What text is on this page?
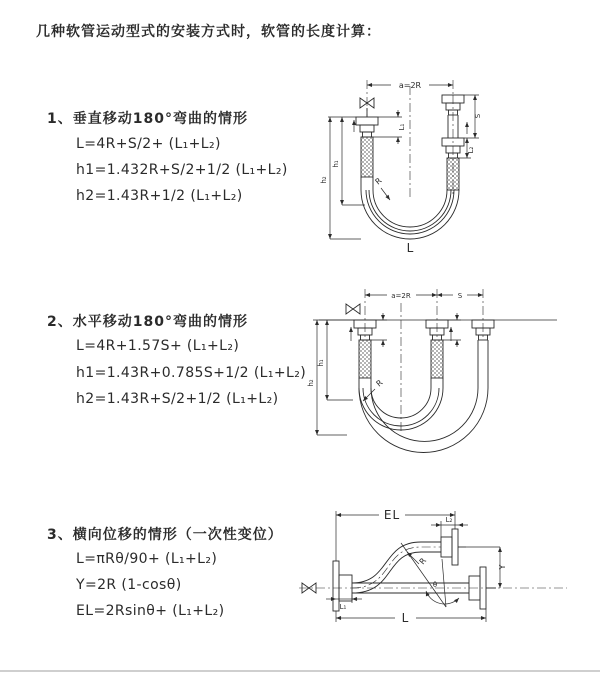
几种软管运动型式的安装方式时，软管的长度计算：
1、垂直移动180°弯曲的情形
L=4R+S/2+ (L₁+L₂)
h1=1.432R+S/2+1/2 (L₁+L₂)
h2=1.43R+1/2 (L₁+L₂)
2、水平移动180°弯曲的情形
L=4R+1.57S+ (L₁+L₂)
h1=1.43R+0.785S+1/2 (L₁+L₂)
h2=1.43R+S/2+1/2 (L₁+L₂)
3、横向位移的情形（一次性变位）
L=πRθ/90+ (L₁+L₂)
Y=2R (1-cosθ)
EL=2Rsinθ+ (L₁+L₂)
a=2R
L₁
S
L₂
R
L
h₁
h₂
a=2R	S
R
h₁
h₂
EL	L₂
Y
R
θ
L₁
L
